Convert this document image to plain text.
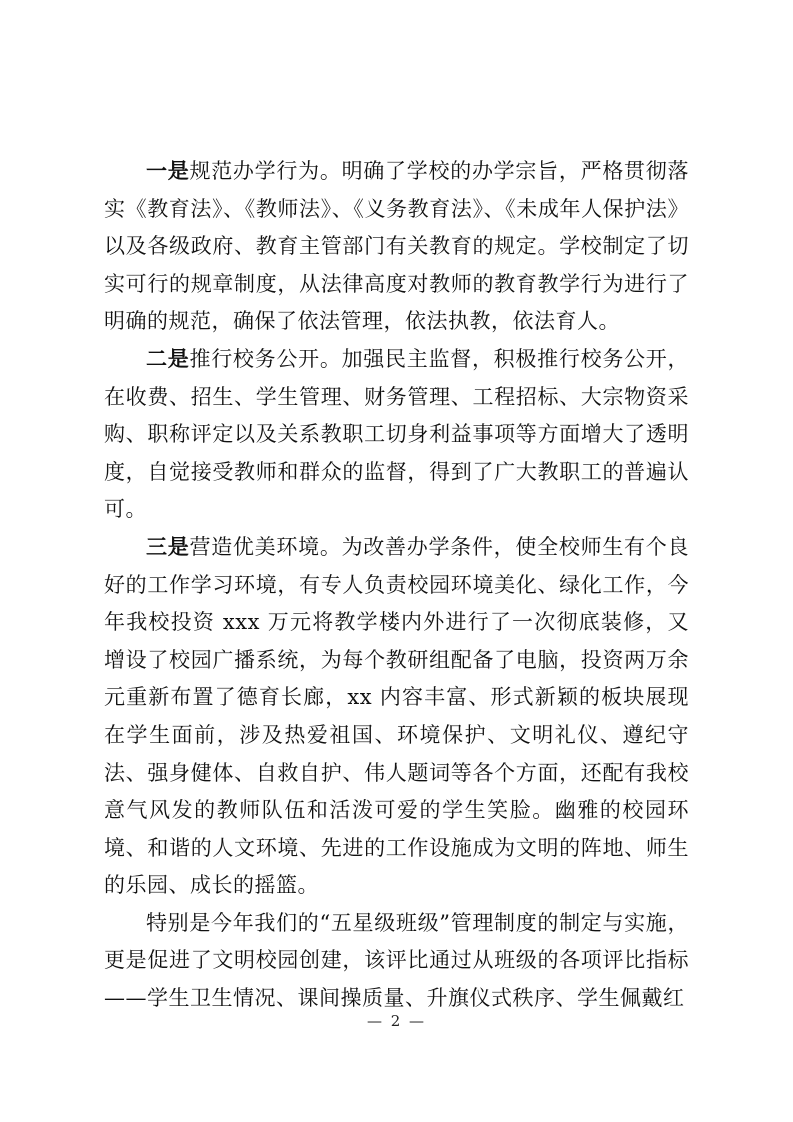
一是规范办学行为。明确了学校的办学宗旨，严格贯彻落实《教育法》、《教师法》、《义务教育法》、《未成年人保护法》以及各级政府、教育主管部门有关教育的规定。学校制定了切实可行的规章制度，从法律高度对教师的教育教学行为进行了明确的规范，确保了依法管理，依法执教，依法育人。

二是推行校务公开。加强民主监督，积极推行校务公开，在收费、招生、学生管理、财务管理、工程招标、大宗物资采购、职称评定以及关系教职工切身利益事项等方面增大了透明度，自觉接受教师和群众的监督，得到了广大教职工的普遍认可。

三是营造优美环境。为改善办学条件，使全校师生有个良好的工作学习环境，有专人负责校园环境美化、绿化工作，今年我校投资 xxx 万元将教学楼内外进行了一次彻底装修，又增设了校园广播系统，为每个教研组配备了电脑，投资两万余元重新布置了德育长廊，xx 内容丰富、形式新颖的板块展现在学生面前，涉及热爱祖国、环境保护、文明礼仪、遵纪守法、强身健体、自救自护、伟人题词等各个方面，还配有我校意气风发的教师队伍和活泼可爱的学生笑脸。幽雅的校园环境、和谐的人文环境、先进的工作设施成为文明的阵地、师生的乐园、成长的摇篮。

特别是今年我们的“五星级班级”管理制度的制定与实施，更是促进了文明校园创建，该评比通过从班级的各项评比指标——学生卫生情况、课间操质量、升旗仪式秩序、学生佩戴红

— 2 —
